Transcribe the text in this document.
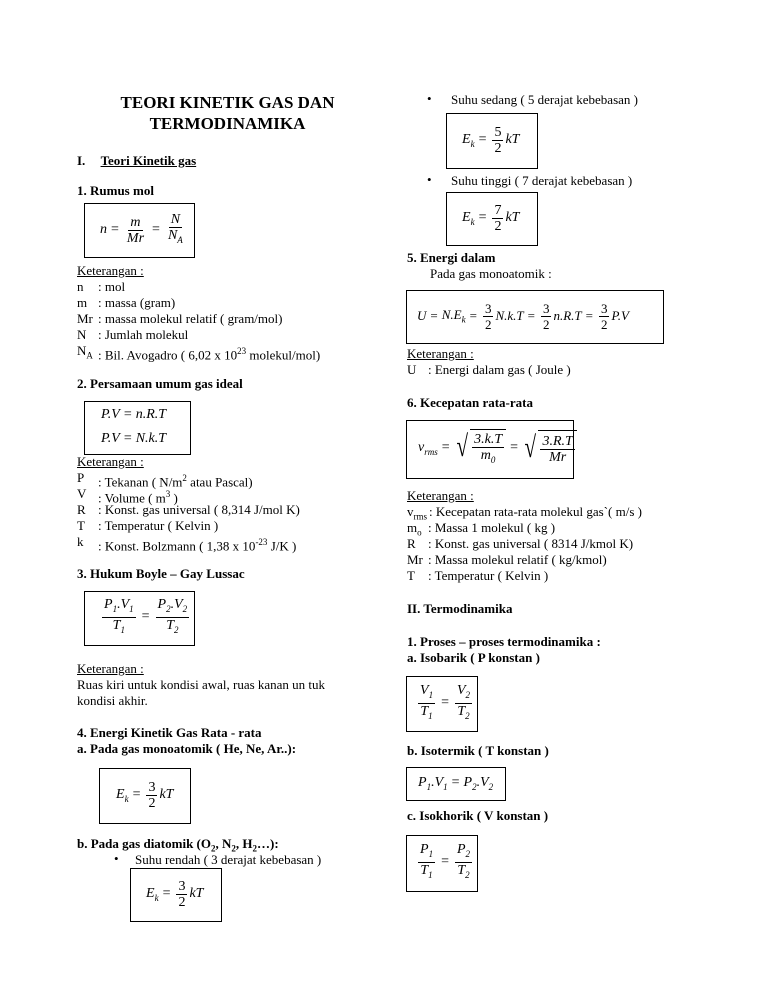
TEORI KINETIK GAS DAN
TERMODINAMIKA
I. Teori Kinetik gas
1. Rumus mol
$n = \frac{m}{Mr} = \frac{N}{N_A}$
Keterangan :
n : mol
m : massa (gram)
Mr : massa molekul relatif ( gram/mol)
N : Jumlah molekul
$N_A$ : Bil. Avogadro ( 6,02 x $10^{23}$ molekul/mol)
2. Persamaan umum gas ideal
P.V = n.R.T
P.V = N.k.T
Keterangan :
P : Tekanan ( $N/m^2$ atau Pascal)
V : Volume ( $m^3$ )
R : Konst. gas universal ( 8,314 J/mol K)
T : Temperatur ( Kelvin )
k : Konst. Bolzmann ( 1,38 x $10^{-23}$ J/K )
3. Hukum Boyle – Gay Lussac
$\frac{P_1.V_1}{T_1} = \frac{P_2.V_2}{T_2}$
Keterangan :
Ruas kiri untuk kondisi awal, ruas kanan un tuk
kondisi akhir.
4. Energi Kinetik Gas Rata - rata
a. Pada gas monoatomik ( He, Ne, Ar..):
$E_k = \frac{3}{2}$ kT
b. Pada gas diatomik ($O_2$, $N_2$, $H_2\dots$):
• Suhu rendah ( 3 derajat kebebasan )
$E_k = \frac{3}{2}$ kT
• Suhu sedang ( 5 derajat kebebasan )
$E_k = \frac{5}{2}$ kT
• Suhu tinggi ( 7 derajat kebebasan )
$E_k = \frac{7}{2}$ kT
5. Energi dalam
Pada gas monoatomik :
$U = N.E_k = \frac{3}{2} N.k.T = \frac{3}{2} n.R.T = \frac{3}{2} P.V$
Keterangan :
U : Energi dalam gas ( Joule )
6. Kecepatan rata-rata
$v_{rms}$ = √ $\frac{3.k.T}{m_0}$ = √ $\frac{3.R.T}{Mr}$
Keterangan :
$v_{rms}$ : Kecepatan rata-rata molekul gas`( m/s )
$m_o$ : Massa 1 molekul ( kg )
R : Konst. gas universal ( 8314 J/kmol K)
Mr : Massa molekul relatif ( kg/kmol)
T : Temperatur ( Kelvin )
II. Termodinamika
1. Proses – proses termodinamika :
a. Isobarik ( P konstan )
$\frac{V_1}{T_1} = \frac{V_2}{T_2}$
b. Isotermik ( T konstan )
$P_1.V_1 = P_2.V_2$
c. Isokhorik ( V konstan )
$\frac{P_1}{T_1} = \frac{P_2}{T_2}$
